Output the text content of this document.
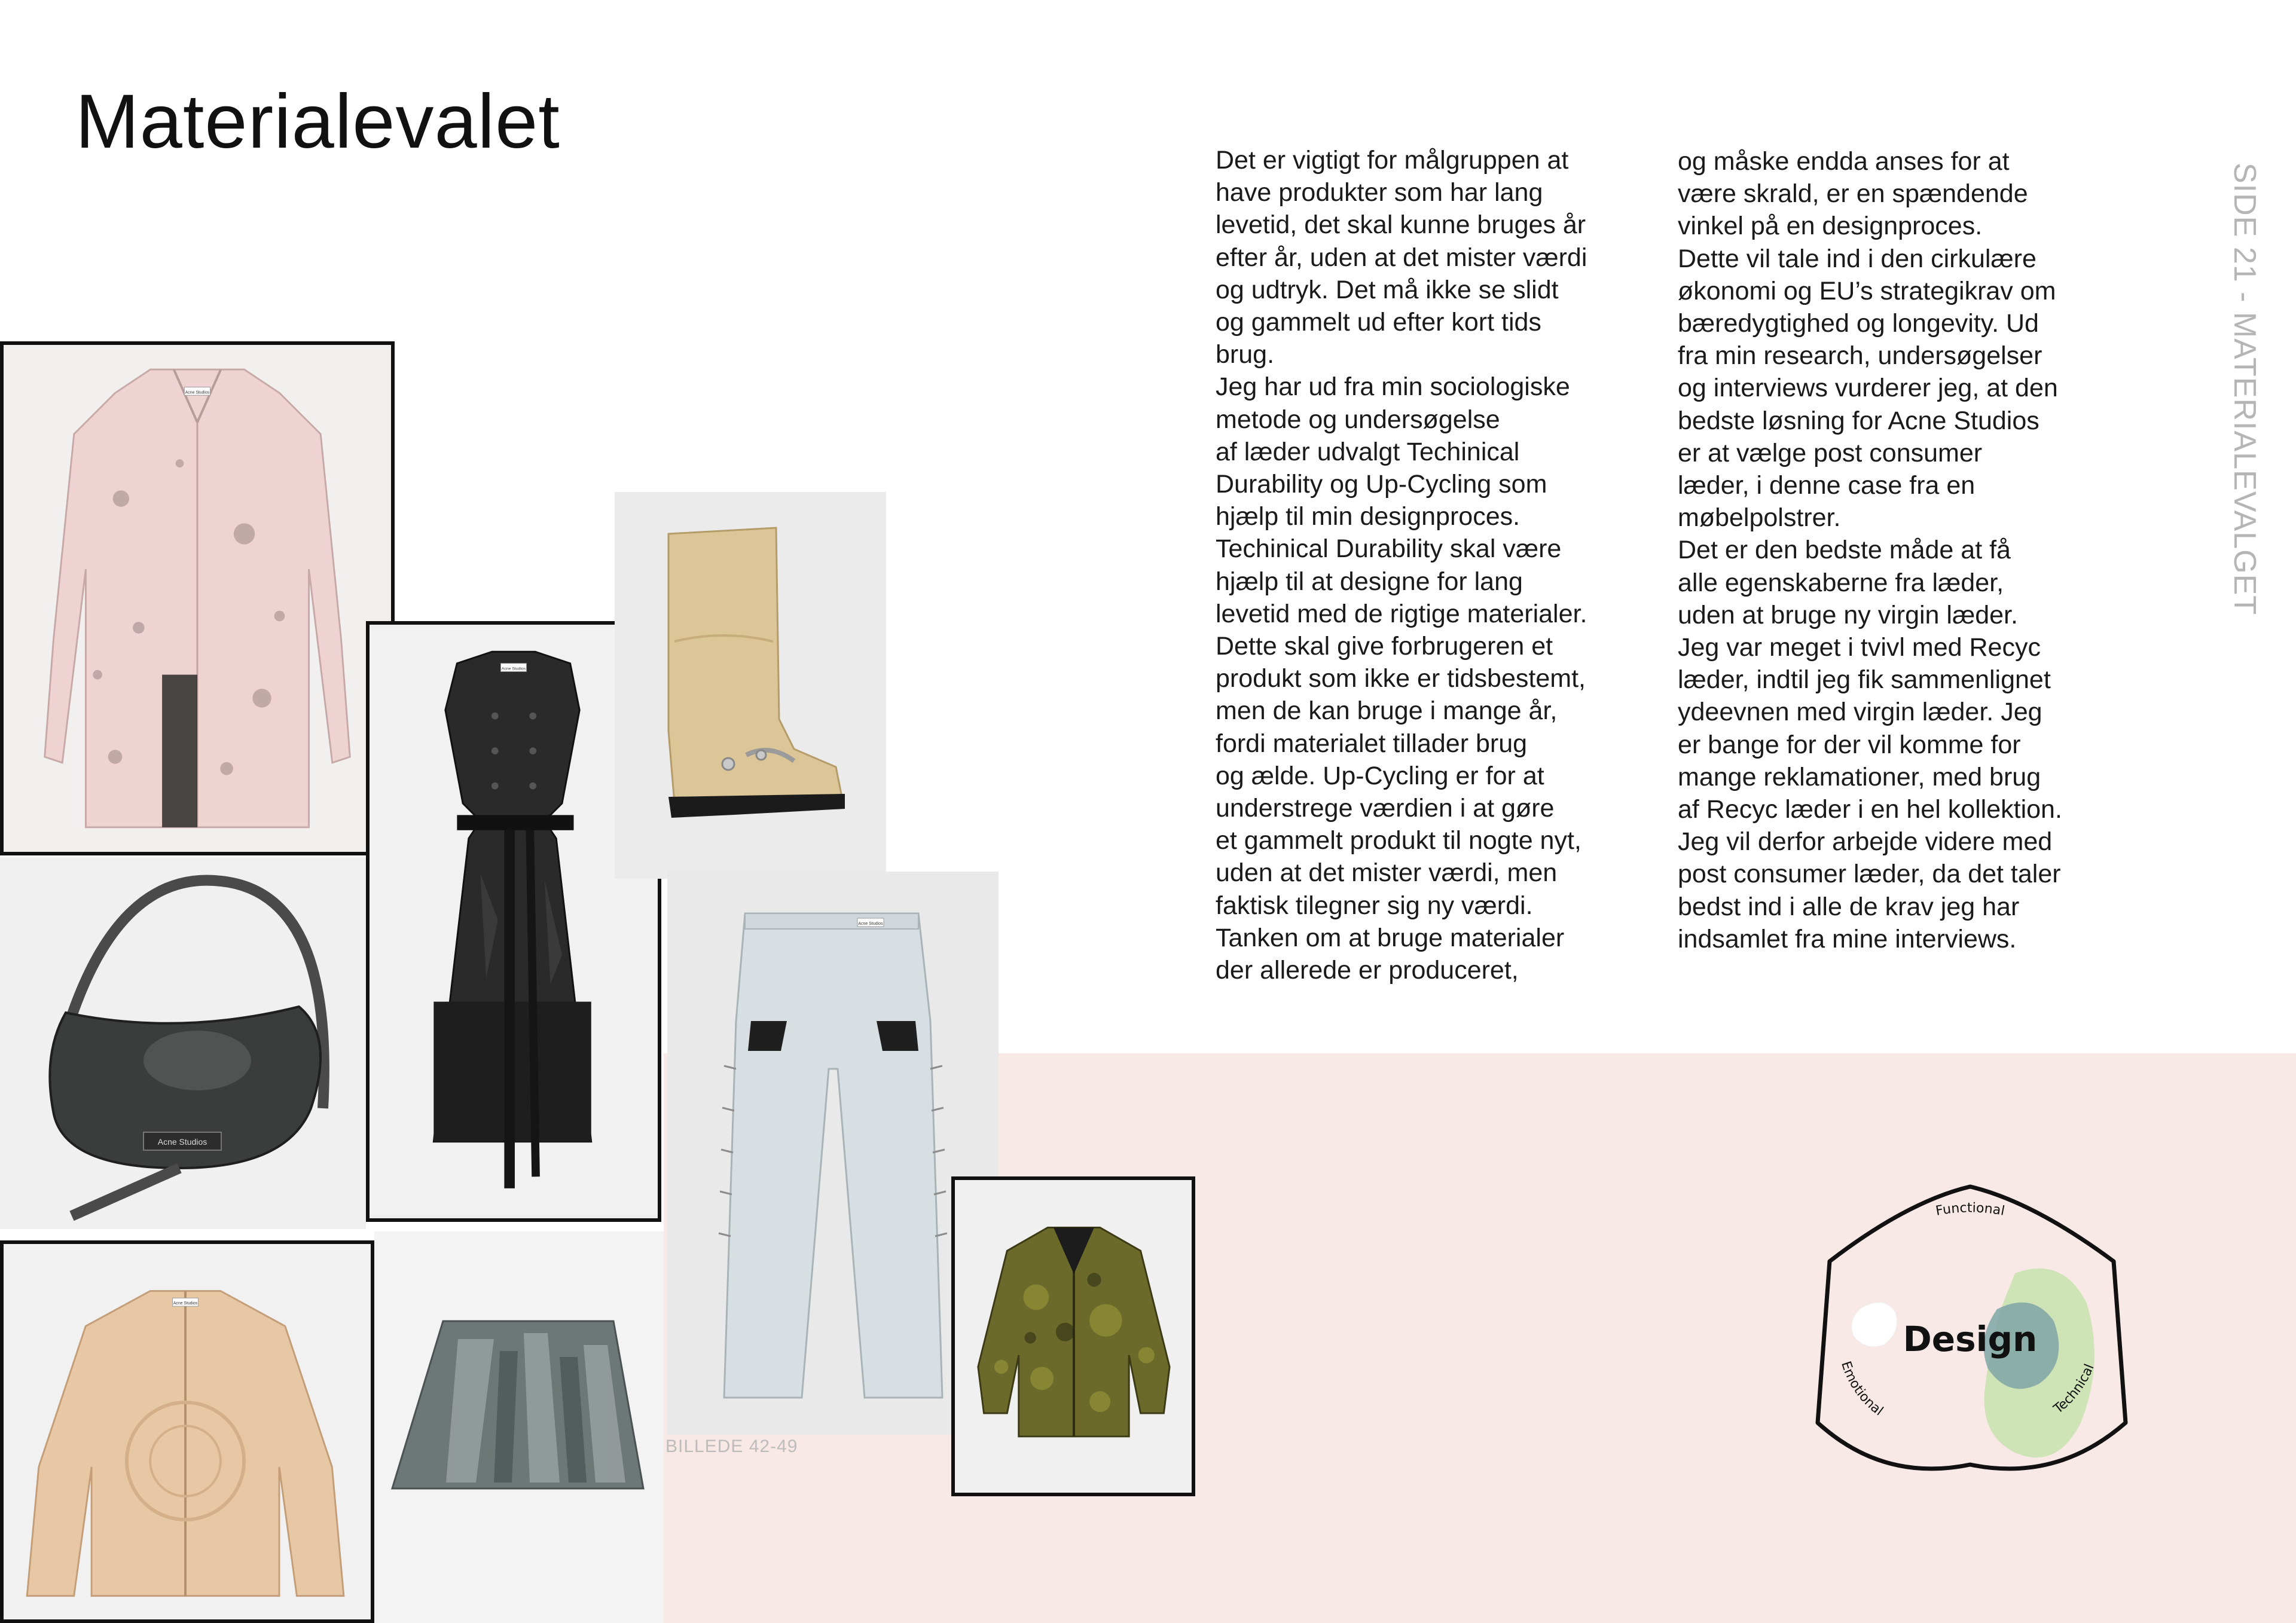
Materialevalet	Det er vigtigt for målgruppen at
have produkter som har lang
levetid, det skal kunne bruges år
efter år, uden at det mister værdi
og udtryk. Det må ikke se slidt
og gammelt ud efter kort tids
brug.
Jeg har ud fra min sociologiske
metode og undersøgelse
af læder udvalgt Techinical
Durability og Up-Cycling som
hjælp til min designproces.
Techinical Durability skal være
hjælp til at designe for lang
levetid med de rigtige materialer.
Dette skal give forbrugeren et
produkt som ikke er tidsbestemt,
men de kan bruge i mange år,
fordi materialet tillader brug
og ælde. Up-Cycling er for at
understrege værdien i at gøre
et gammelt produkt til nogte nyt,
uden at det mister værdi, men
faktisk tilegner sig ny værdi.
Tanken om at bruge materialer
der allerede er produceret,
og måske endda anses for at
være skrald, er en spændende
vinkel på en designproces.
Dette vil tale ind i den cirkulære
økonomi og EU’s strategikrav om
bæredygtighed og longevity. Ud
fra min research, undersøgelser
og interviews vurderer jeg, at den
bedste løsning for Acne Studios
er at vælge post consumer
læder, i denne case fra en
møbelpolstrer.
Det er den bedste måde at få
alle egenskaberne fra læder,
uden at bruge ny virgin læder.
Jeg var meget i tvivl med Recyc
læder, indtil jeg fik sammenlignet
ydeevnen med virgin læder. Jeg
er bange for der vil komme for
mange reklamationer, med brug
af Recyc læder i en hel kollektion.
Jeg vil derfor arbejde videre med
post consumer læder, da det taler
bedst ind i alle de krav jeg har
indsamlet fra mine interviews.
SIDE 21 - MATERIALEVALGET
Acne Studios
Acne Studios
Acne Studios
Acne Studios
Acne Studios
BILLEDE 42-49
Design
Functional
Emotional	Technical
